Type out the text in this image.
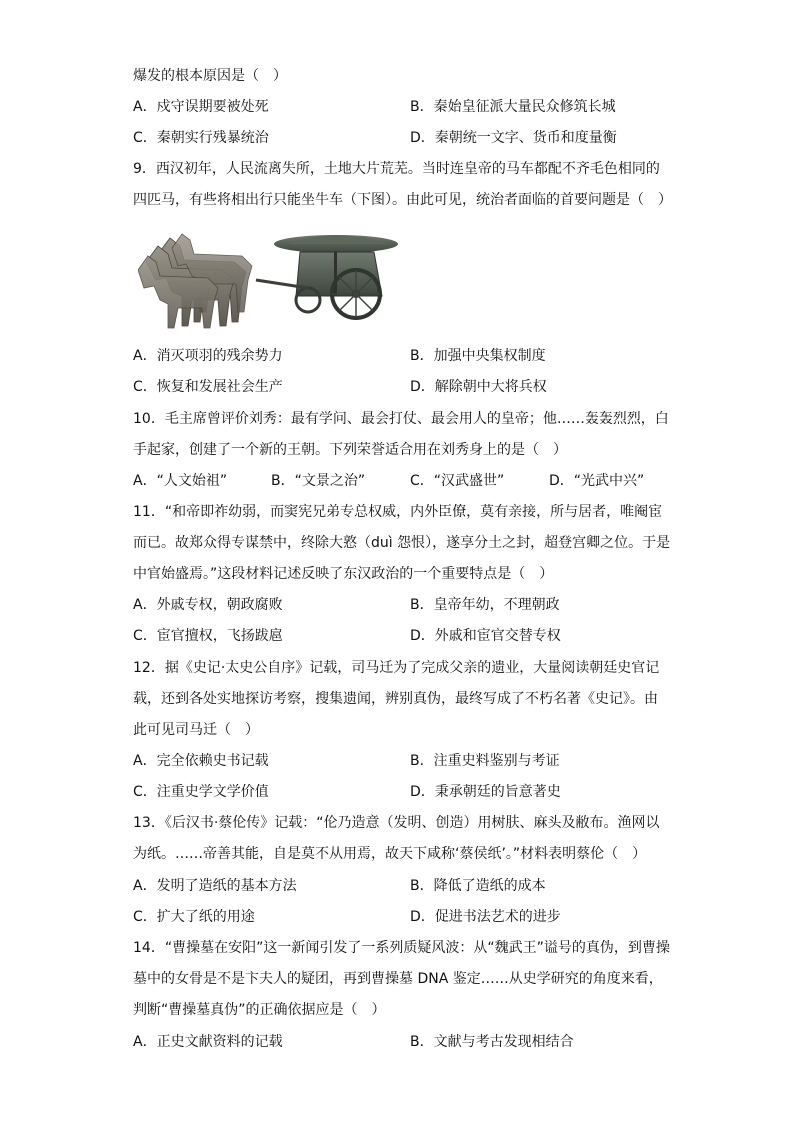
爆发的根本原因是（　）
A．戍守误期要被处死	B．秦始皇征派大量民众修筑长城
C．秦朝实行残暴统治	D．秦朝统一文字、货币和度量衡
9．西汉初年，人民流离失所，土地大片荒芜。当时连皇帝的马车都配不齐毛色相同的
四匹马，有些将相出行只能坐牛车（下图）。由此可见，统治者面临的首要问题是（　）
A．消灭项羽的残余势力	B．加强中央集权制度
C．恢复和发展社会生产	D．解除朝中大将兵权
10．毛主席曾评价刘秀：最有学问、最会打仗、最会用人的皇帝；他……轰轰烈烈，白
手起家，创建了一个新的王朝。下列荣誉适合用在刘秀身上的是（　）
A．“人文始祖”	B．“文景之治”	C．“汉武盛世”	D．“光武中兴”
11．“和帝即祚幼弱，而窦宪兄弟专总权威，内外臣僚，莫有亲接，所与居者，唯阉宦
而已。故郑众得专谋禁中，终除大憝（duì 怨恨），遂享分土之封，超登宫卿之位。于是
中官始盛焉。”这段材料记述反映了东汉政治的一个重要特点是（　）
A．外戚专权，朝政腐败	B．皇帝年幼，不理朝政
C．宦官擅权，飞扬跋扈	D．外戚和宦官交替专权
12．据《史记·太史公自序》记载，司马迁为了完成父亲的遗业，大量阅读朝廷史官记
载，还到各处实地探访考察，搜集遗闻，辨别真伪，最终写成了不朽名著《史记》。由
此可见司马迁（　）
A．完全依赖史书记载	B．注重史料鉴别与考证
C．注重史学文学价值	D．秉承朝廷的旨意著史
13．《后汉书·蔡伦传》记载：“伦乃造意（发明、创造）用树肤、麻头及敝布。渔网以
为纸。……帝善其能，自是莫不从用焉，故天下咸称‘蔡侯纸’。”材料表明蔡伦（　）
A．发明了造纸的基本方法	B．降低了造纸的成本
C．扩大了纸的用途	D．促进书法艺术的进步
14．“曹操墓在安阳”这一新闻引发了一系列质疑风波：从“魏武王”谥号的真伪，到曹操
墓中的女骨是不是卞夫人的疑团，再到曹操墓 DNA 鉴定……从史学研究的角度来看，
判断“曹操墓真伪”的正确依据应是（　）
A．正史文献资料的记载	B．文献与考古发现相结合
